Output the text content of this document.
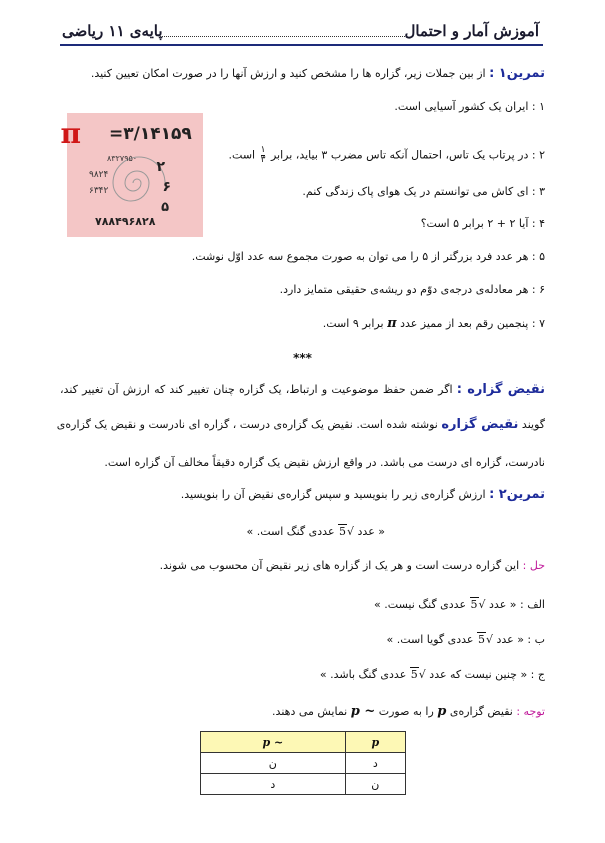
پایه‌ی ۱۱ ریاضی	آموزش آمار و احتمال
تمرین۱ : از بین جملات زیر، گزاره ها را مشخص کنید و ارزش آنها را در صورت امکان تعیین کنید.
π =۳/۱۴۱۵۹
۲
۶
۵
۷۸۸۴۹۶۸۲۸
۹۸۲۴
۶۳۴۲
۸۳۲۷۹۵۰
۱ : ایران یک کشور آسیایی است.
۲ : در پرتاب یک تاس، احتمال آنکه تاس مضرب ۳ بیاید، برابر
$\frac{۱}{۳}$
است.
۳ : ای کاش می توانستم در یک هوای پاک زندگی کنم.
۴ : آیا ۲ + ۲ برابر ۵ است؟
۵ : هر عدد فرد بزرگتر از ۵ را می توان به صورت مجموع سه عدد اوّل نوشت.
۶ : هر معادله‌ی درجه‌ی دوّم دو ریشه‌ی حقیقی متمایز دارد.
۷ : پنجمین رقم بعد از ممیز عدد π برابر ۹ است.
***
نقیض گزاره : اگر ضمن حفظ موضوعیت و ارتباط، یک گزاره چنان تغییر کند که ارزش آن تغییر کند،
گویند نقیض گزاره نوشته شده است. نقیض یک گزاره‌ی درست ، گزاره ای نادرست و نقیض یک گزاره‌ی
نادرست، گزاره ای درست می باشد. در واقع ارزش نقیض یک گزاره دقیقاً مخالف آن گزاره است.
تمرین۲ : ارزش گزاره‌ی زیر را بنویسید و سپس گزاره‌ی نقیض آن را بنویسید.
« عدد √5 عددی گنگ است. »
حل : این گزاره درست است و هر یک از گزاره های زیر نقیض آن محسوب می شوند.
الف : « عدد √5 عددی گنگ نیست. »
ب : « عدد √5 عددی گویا است. »
ج : « چنین نیست که عدد √5 عددی گنگ باشد. »
توجه : نقیض گزاره‌ی p را به صورت ~ p نمایش می دهند.
p	~ p
د	ن
ن	د
